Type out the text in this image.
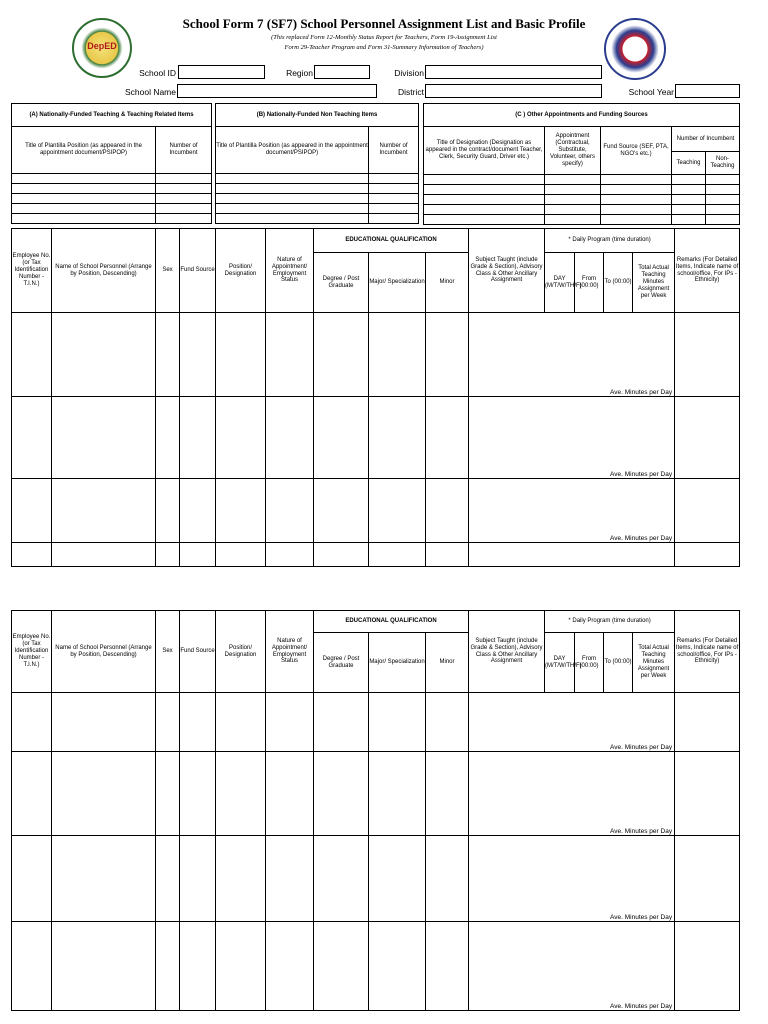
DepED
School Form 7 (SF7) School Personnel Assignment List and Basic Profile
(This replaced Form 12-Monthly Status Report for Teachers, Form 19-Assignment List
Form 29-Teacher Program and Form 31-Summary Information of Teachers)
School ID	Region	Division
School Name	District	School Year
(A) Nationally-Funded Teaching & Teaching Related Items	
Title of Plantilla Position (as appeared in the appointment document/PSIPOP)	Number of Incumbent

(B) Nationally-Funded Non Teaching Items	
Title of Plantilla Position (as appeared in the appointment document/PSIPOP)	Number of Incumbent

(C ) Other Appointments and Funding Sources				
Title of Designation (Designation as appeared in the contract/document Teacher, Clerk, Security Guard, Driver etc.)	Appointment (Contractual, Substitute, Volunteer, others specify)	Fund Source (SEF, PTA, NGO's etc.)	Number of Incumbent	
			Teaching	Non-Teaching

Employee No. (or Tax Identification Number - T.I.N.)	Name of School Personnel (Arrange by Position, Descending)	Sex	Fund Source	Position/ Designation	Nature of Appointment/ Employment Status	EDUCATIONAL QUALIFICATION			Subject Taught (include Grade & Section), Advisory Class & Other Ancillary Assignment	* Daily Program (time duration)				Remarks (For Detailed Items, Indicate name of school/office, For IPs -Ethnicity)
						Degree / Post Graduate	Major/ Specialization	Minor		DAY (M/T/W/TH/F)	From (00:00)	To (00:00)	Total Actual Teaching Minutes Assignment per Week	

									Ave. Minutes per Day					

									Ave. Minutes per Day					

									Ave. Minutes per Day					

Employee No. (or Tax Identification Number - T.I.N.)	Name of School Personnel (Arrange by Position, Descending)	Sex	Fund Source	Position/ Designation	Nature of Appointment/ Employment Status	EDUCATIONAL QUALIFICATION			Subject Taught (include Grade & Section), Advisory Class & Other Ancillary Assignment	* Daily Program (time duration)				Remarks (For Detailed Items, Indicate name of school/office, For IPs -Ethnicity)
						Degree / Post Graduate	Major/ Specialization	Minor		DAY (M/T/W/TH/F)	From (00:00)	To (00:00)	Total Actual Teaching Minutes Assignment per Week	

									Ave. Minutes per Day					

									Ave. Minutes per Day					

									Ave. Minutes per Day					

									Ave. Minutes per Day					
